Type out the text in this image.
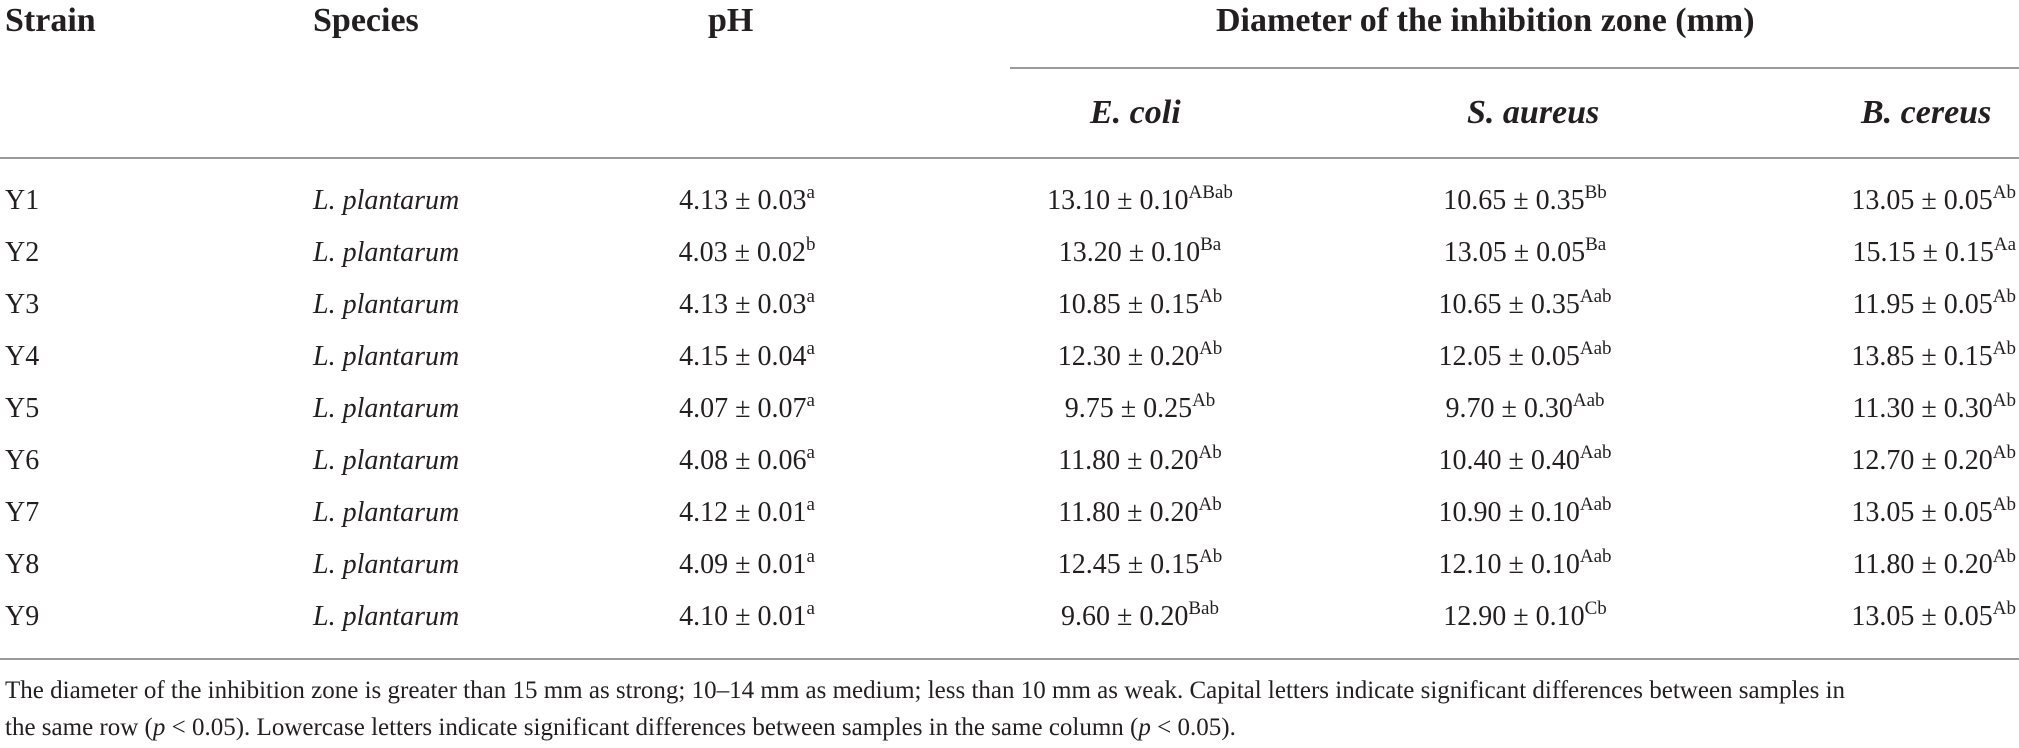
Strain	Species	pH	Diameter of the inhibition zone (mm)
E. coli	S. aureus	B. cereus
Y1	L. plantarum	4.13 ± 0.03$^a$	$13.10 \pm 0.10^{ABab}$	$10.65 \pm 0.35^{Bb}$	$13.05 \pm 0.05^{Ab}$
Y2	L. plantarum	4.03 ± 0.02$^b$	$13.20 \pm 0.10^{Ba}$	$13.05 \pm 0.05^{Ba}$	$15.15 \pm 0.15^{Aa}$
Y3	L. plantarum	4.13 ± 0.03$^a$	$10.85 \pm 0.15^{Ab}$	$10.65 \pm 0.35^{Aab}$	$11.95 \pm 0.05^{Ab}$
Y4	L. plantarum	4.15 ± 0.04$^a$	$12.30 \pm 0.20^{Ab}$	$12.05 \pm 0.05^{Aab}$	$13.85 \pm 0.15^{Ab}$
Y5	L. plantarum	4.07 ± 0.07$^a$	$9.75 \pm 0.25^{Ab}$	$9.70 \pm 0.30^{Aab}$	$11.30 \pm 0.30^{Ab}$
Y6	L. plantarum	4.08 ± 0.06$^a$	$11.80 \pm 0.20^{Ab}$	$10.40 \pm 0.40^{Aab}$	$12.70 \pm 0.20^{Ab}$
Y7	L. plantarum	4.12 ± 0.01$^a$	$11.80 \pm 0.20^{Ab}$	$10.90 \pm 0.10^{Aab}$	$13.05 \pm 0.05^{Ab}$
Y8	L. plantarum	4.09 ± 0.01$^a$	$12.45 \pm 0.15^{Ab}$	$12.10 \pm 0.10^{Aab}$	$11.80 \pm 0.20^{Ab}$
Y9	L. plantarum	4.10 ± 0.01$^a$	$9.60 \pm 0.20^{Bab}$	$12.90 \pm 0.10^{Cb}$	$13.05 \pm 0.05^{Ab}$
The diameter of the inhibition zone is greater than 15 mm as strong; 10–14 mm as medium; less than 10 mm as weak. Capital letters indicate significant differences between samples in
the same row (p < 0.05). Lowercase letters indicate significant differences between samples in the same column (p < 0.05).
